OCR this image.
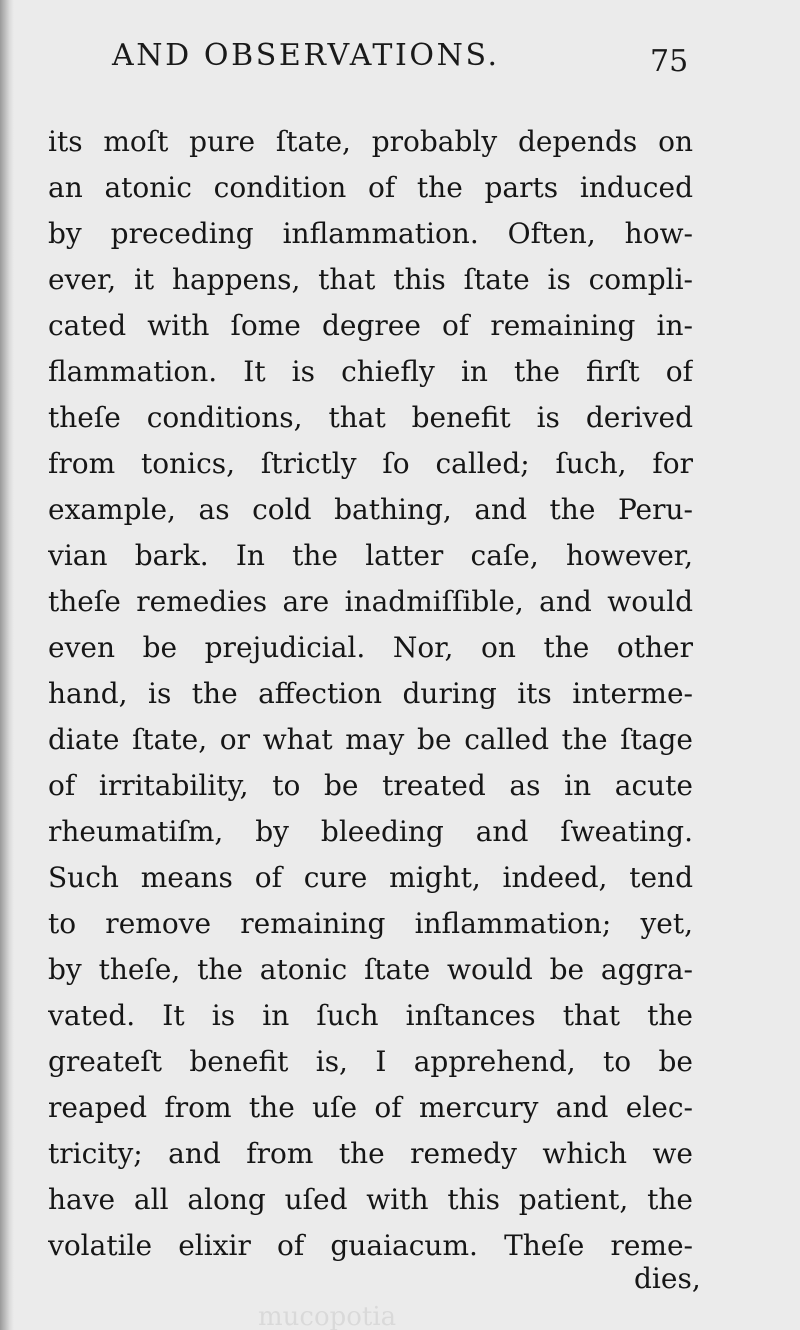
AND OBSERVATIONS.	75
its moſt pure ſtate, probably depends on
an atonic condition of the parts induced
by preceding inflammation. Often, how-
ever, it happens, that this ſtate is compli-
cated with ſome degree of remaining in-
flammation. It is chiefly in the firſt of
theſe conditions, that benefit is derived
from tonics, ſtrictly ſo called; ſuch, for
example, as cold bathing, and the Peru-
vian bark. In the latter caſe, however,
theſe remedies are inadmiſſible, and would
even be prejudicial. Nor, on the other
hand, is the affection during its interme-
diate ſtate, or what may be called the ſtage
of irritability, to be treated as in acute
rheumatiſm, by bleeding and ſweating.
Such means of cure might, indeed, tend
to remove remaining inflammation; yet,
by theſe, the atonic ſtate would be aggra-
vated. It is in ſuch inſtances that the
greateſt benefit is, I apprehend, to be
reaped from the uſe of mercury and elec-
tricity; and from the remedy which we
have all along uſed with this patient, the
volatile elixir of guaiacum. Theſe reme-
dies,
mucopotia
